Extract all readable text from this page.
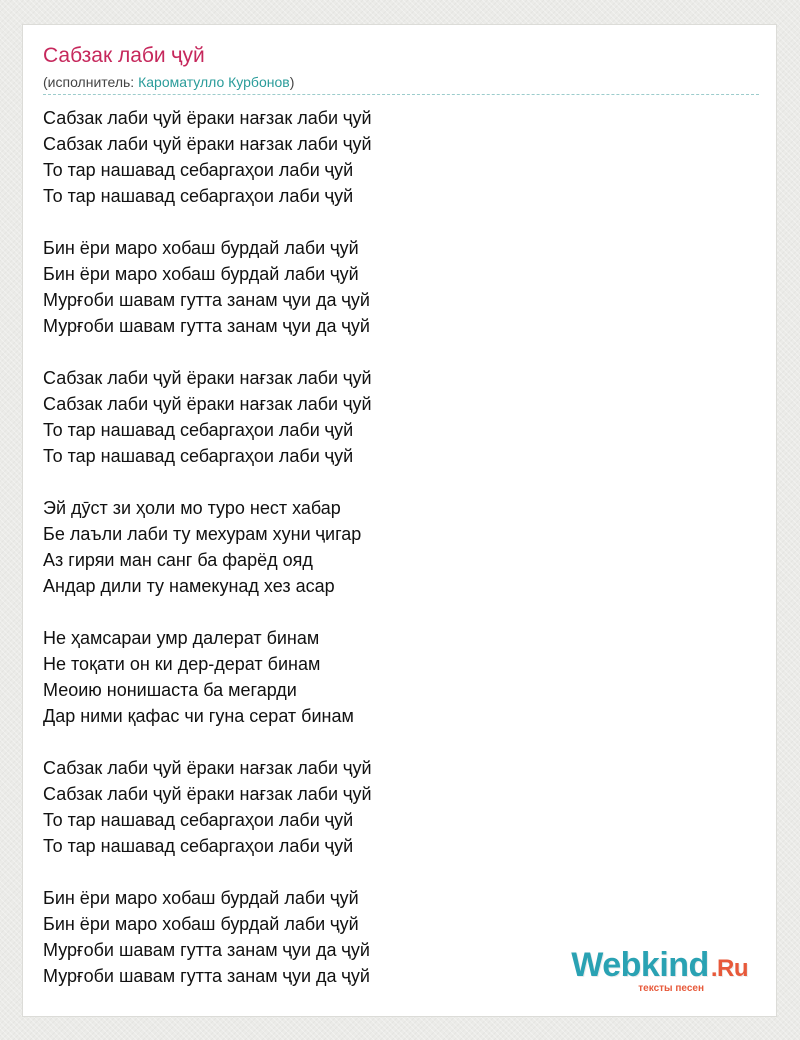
Сабзак лаби ҷуй
(исполнитель: Кароматулло Курбонов)
Сабзак лаби ҷуй ёраки нағзак лаби ҷуй
Сабзак лаби ҷуй ёраки нағзак лаби ҷуй
То тар нашавад себаргаҳои лаби ҷуй
То тар нашавад себаргаҳои лаби ҷуй
Бин ёри маро хобаш бурдай лаби ҷуй
Бин ёри маро хобаш бурдай лаби ҷуй
Мурғоби шавам гутта занам ҷуи да ҷуй
Мурғоби шавам гутта занам ҷуи да ҷуй
Сабзак лаби ҷуй ёраки нағзак лаби ҷуй
Сабзак лаби ҷуй ёраки нағзак лаби ҷуй
То тар нашавад себаргаҳои лаби ҷуй
То тар нашавад себаргаҳои лаби ҷуй
Эй дӯст зи ҳоли мо туро нест хабар
Бе лаъли лаби ту мехурам хуни ҷигар
Аз гиряи ман санг ба фарёд ояд
Андар дили ту намекунад хез асар
Не ҳамсараи умр далерат бинам
Не тоқати он ки дер-дерат бинам
Меоию нонишаста ба мегарди
Дар ними қафас чи гуна серат бинам
Сабзак лаби ҷуй ёраки нағзак лаби ҷуй
Сабзак лаби ҷуй ёраки нағзак лаби ҷуй
То тар нашавад себаргаҳои лаби ҷуй
То тар нашавад себаргаҳои лаби ҷуй
Бин ёри маро хобаш бурдай лаби ҷуй
Бин ёри маро хобаш бурдай лаби ҷуй
Мурғоби шавам гутта занам ҷуи да ҷуй
Мурғоби шавам гутта занам ҷуи да ҷуй	Webkind.Ru
тексты песен
